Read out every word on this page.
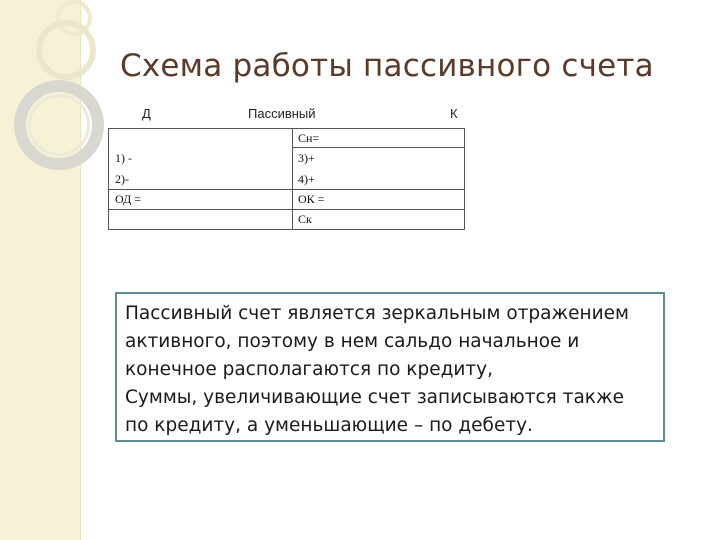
Схема работы пассивного счета
Д	Пассивный	К
1) -
2)-
ОД =
Сн=
3)+
4)+
ОК =
Ск
Пассивный счет является зеркальным отражением
активного, поэтому в нем сальдо начальное и
конечное располагаются по кредиту,
Суммы, увеличивающие счет записываются также
по кредиту, а уменьшающие – по дебету.
